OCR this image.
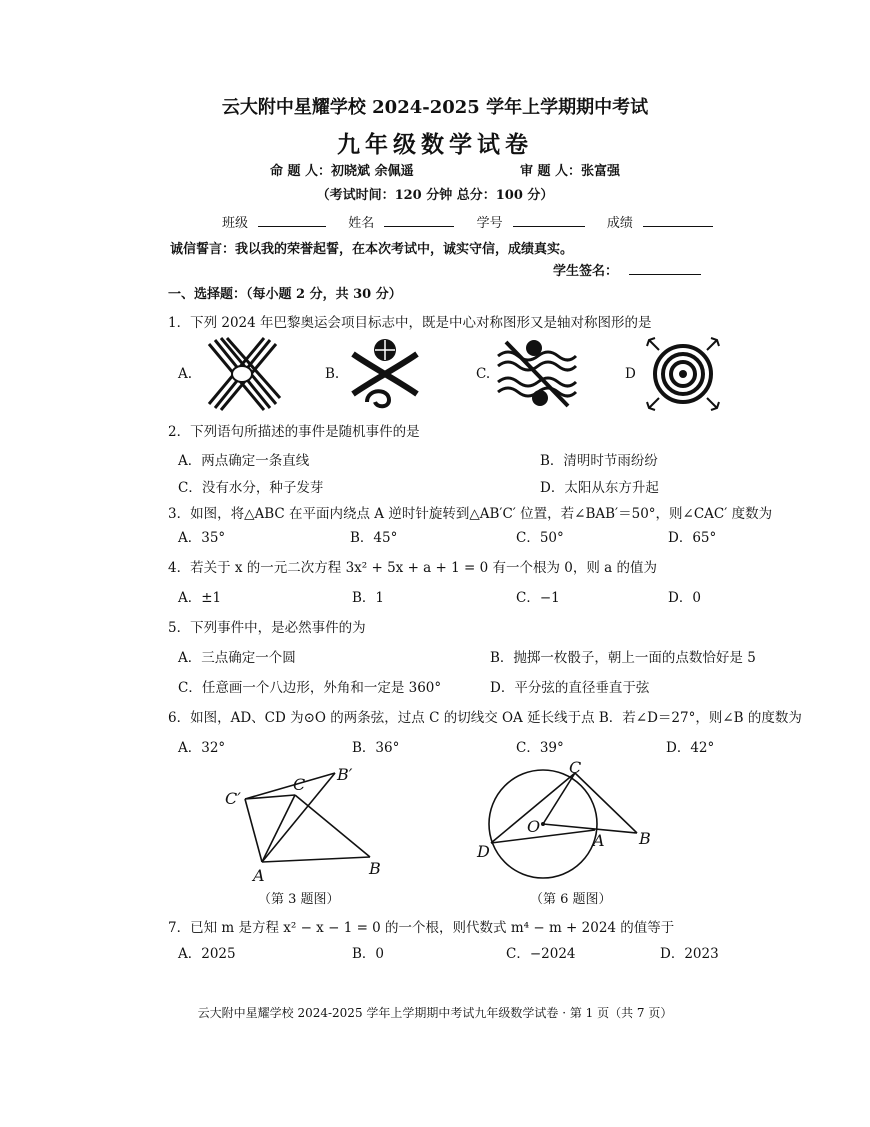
云大附中星耀学校 2024-2025 学年上学期期中考试
九年级数学试卷
命 题 人：初晓斌 余佩遥	审 题 人：张富强
（考试时间：120 分钟 总分：100 分）
班级	姓名	学号	成绩
诚信誓言：我以我的荣誉起誓，在本次考试中，诚实守信，成绩真实。
学生签名：
一、选择题：（每小题 2 分，共 30 分）
1．下列 2024 年巴黎奥运会项目标志中，既是中心对称图形又是轴对称图形的是
A.	B.	C.	D
2．下列语句所描述的事件是随机事件的是
A．两点确定一条直线	B．清明时节雨纷纷
C．没有水分，种子发芽	D．太阳从东方升起
3．如图，将△ABC 在平面内绕点 A 逆时针旋转到△AB′C′ 位置，若∠BAB′＝50°，则∠CAC′ 度数为
A．35°	B．45°	C．50°	D．65°
4．若关于 x 的一元二次方程 3x² + 5x + a + 1 = 0 有一个根为 0，则 a 的值为
A．±1	B．1	C．−1	D．0
5．下列事件中，是必然事件的为
A．三点确定一个圆	B．抛掷一枚骰子，朝上一面的点数恰好是 5
C．任意画一个八边形，外角和一定是 360°	D．平分弦的直径垂直于弦
6．如图，AD、CD 为⊙O 的两条弦，过点 C 的切线交 OA 延长线于点 B．若∠D＝27°，则∠B 的度数为
A．32°	B．36°	C．39°	D．42°
C′
C
B′
A	B
（第 3 题图）
C
O
D
A B
（第 6 题图）
7．已知 m 是方程 x² − x − 1 = 0 的一个根，则代数式 m⁴ − m + 2024 的值等于
A．2025	B．0	C．−2024	D．2023
云大附中星耀学校 2024-2025 学年上学期期中考试九年级数学试卷 · 第 1 页（共 7 页）
